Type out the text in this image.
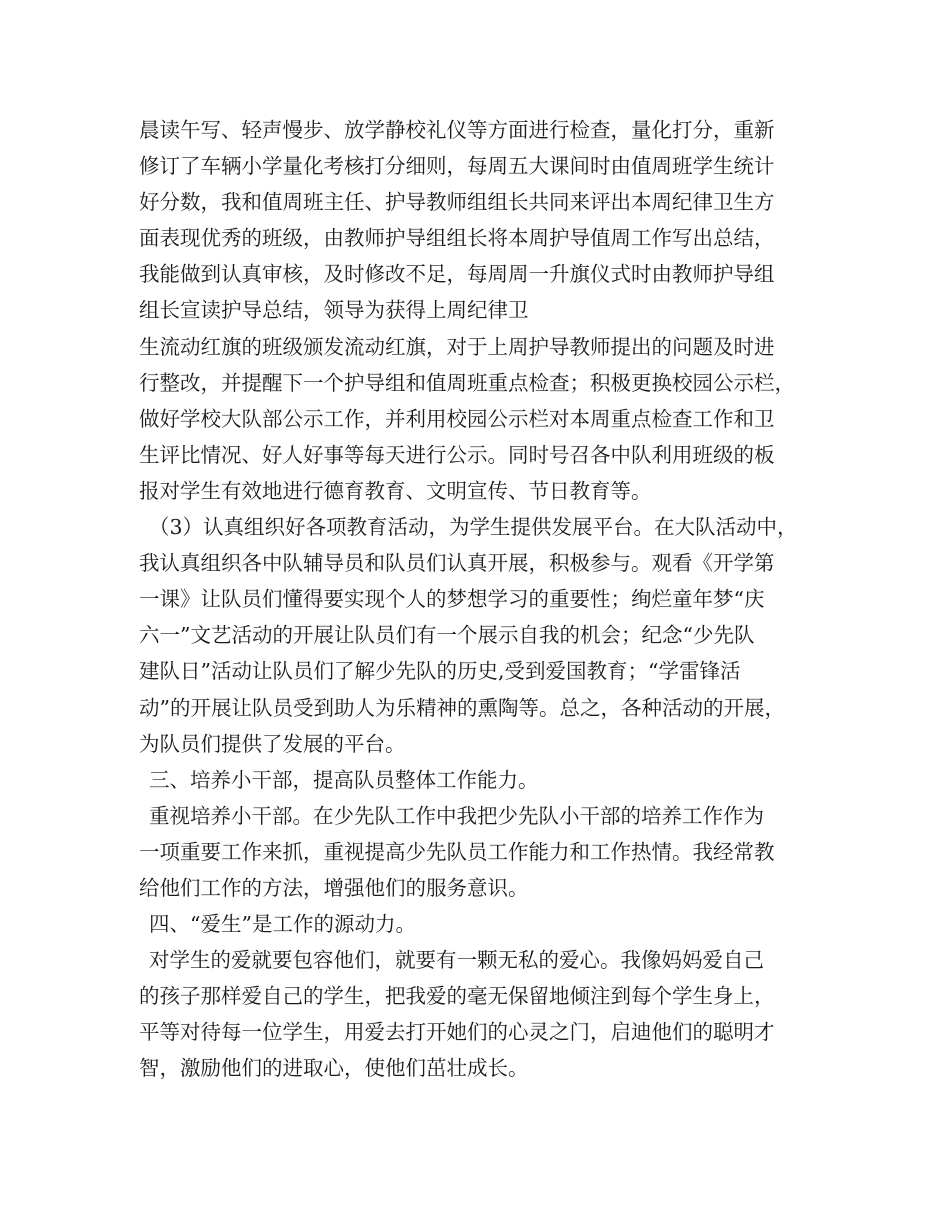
晨读午写、轻声慢步、放学静校礼仪等方面进行检查，量化打分，重新
修订了车辆小学量化考核打分细则，每周五大课间时由值周班学生统计
好分数，我和值周班主任、护导教师组组长共同来评出本周纪律卫生方
面表现优秀的班级，由教师护导组组长将本周护导值周工作写出总结，
我能做到认真审核，及时修改不足，每周周一升旗仪式时由教师护导组
组长宣读护导总结，领导为获得上周纪律卫
生流动红旗的班级颁发流动红旗，对于上周护导教师提出的问题及时进
行整改，并提醒下一个护导组和值周班重点检查；积极更换校园公示栏，
做好学校大队部公示工作，并利用校园公示栏对本周重点检查工作和卫
生评比情况、好人好事等每天进行公示。同时号召各中队利用班级的板
报对学生有效地进行德育教育、文明宣传、节日教育等。
（3）认真组织好各项教育活动，为学生提供发展平台。在大队活动中，
我认真组织各中队辅导员和队员们认真开展，积极参与。观看《开学第
一课》让队员们懂得要实现个人的梦想学习的重要性；绚烂童年梦“庆
六一”文艺活动的开展让队员们有一个展示自我的机会；纪念“少先队
建队日”活动让队员们了解少先队的历史,受到爱国教育；“学雷锋活
动”的开展让队员受到助人为乐精神的熏陶等。总之，各种活动的开展，
为队员们提供了发展的平台。
三、培养小干部，提高队员整体工作能力。
重视培养小干部。在少先队工作中我把少先队小干部的培养工作作为
一项重要工作来抓，重视提高少先队员工作能力和工作热情。我经常教
给他们工作的方法，增强他们的服务意识。
四、“爱生”是工作的源动力。
对学生的爱就要包容他们，就要有一颗无私的爱心。我像妈妈爱自己
的孩子那样爱自己的学生，把我爱的毫无保留地倾注到每个学生身上，
平等对待每一位学生，用爱去打开她们的心灵之门，启迪他们的聪明才
智，激励他们的进取心，使他们茁壮成长。
